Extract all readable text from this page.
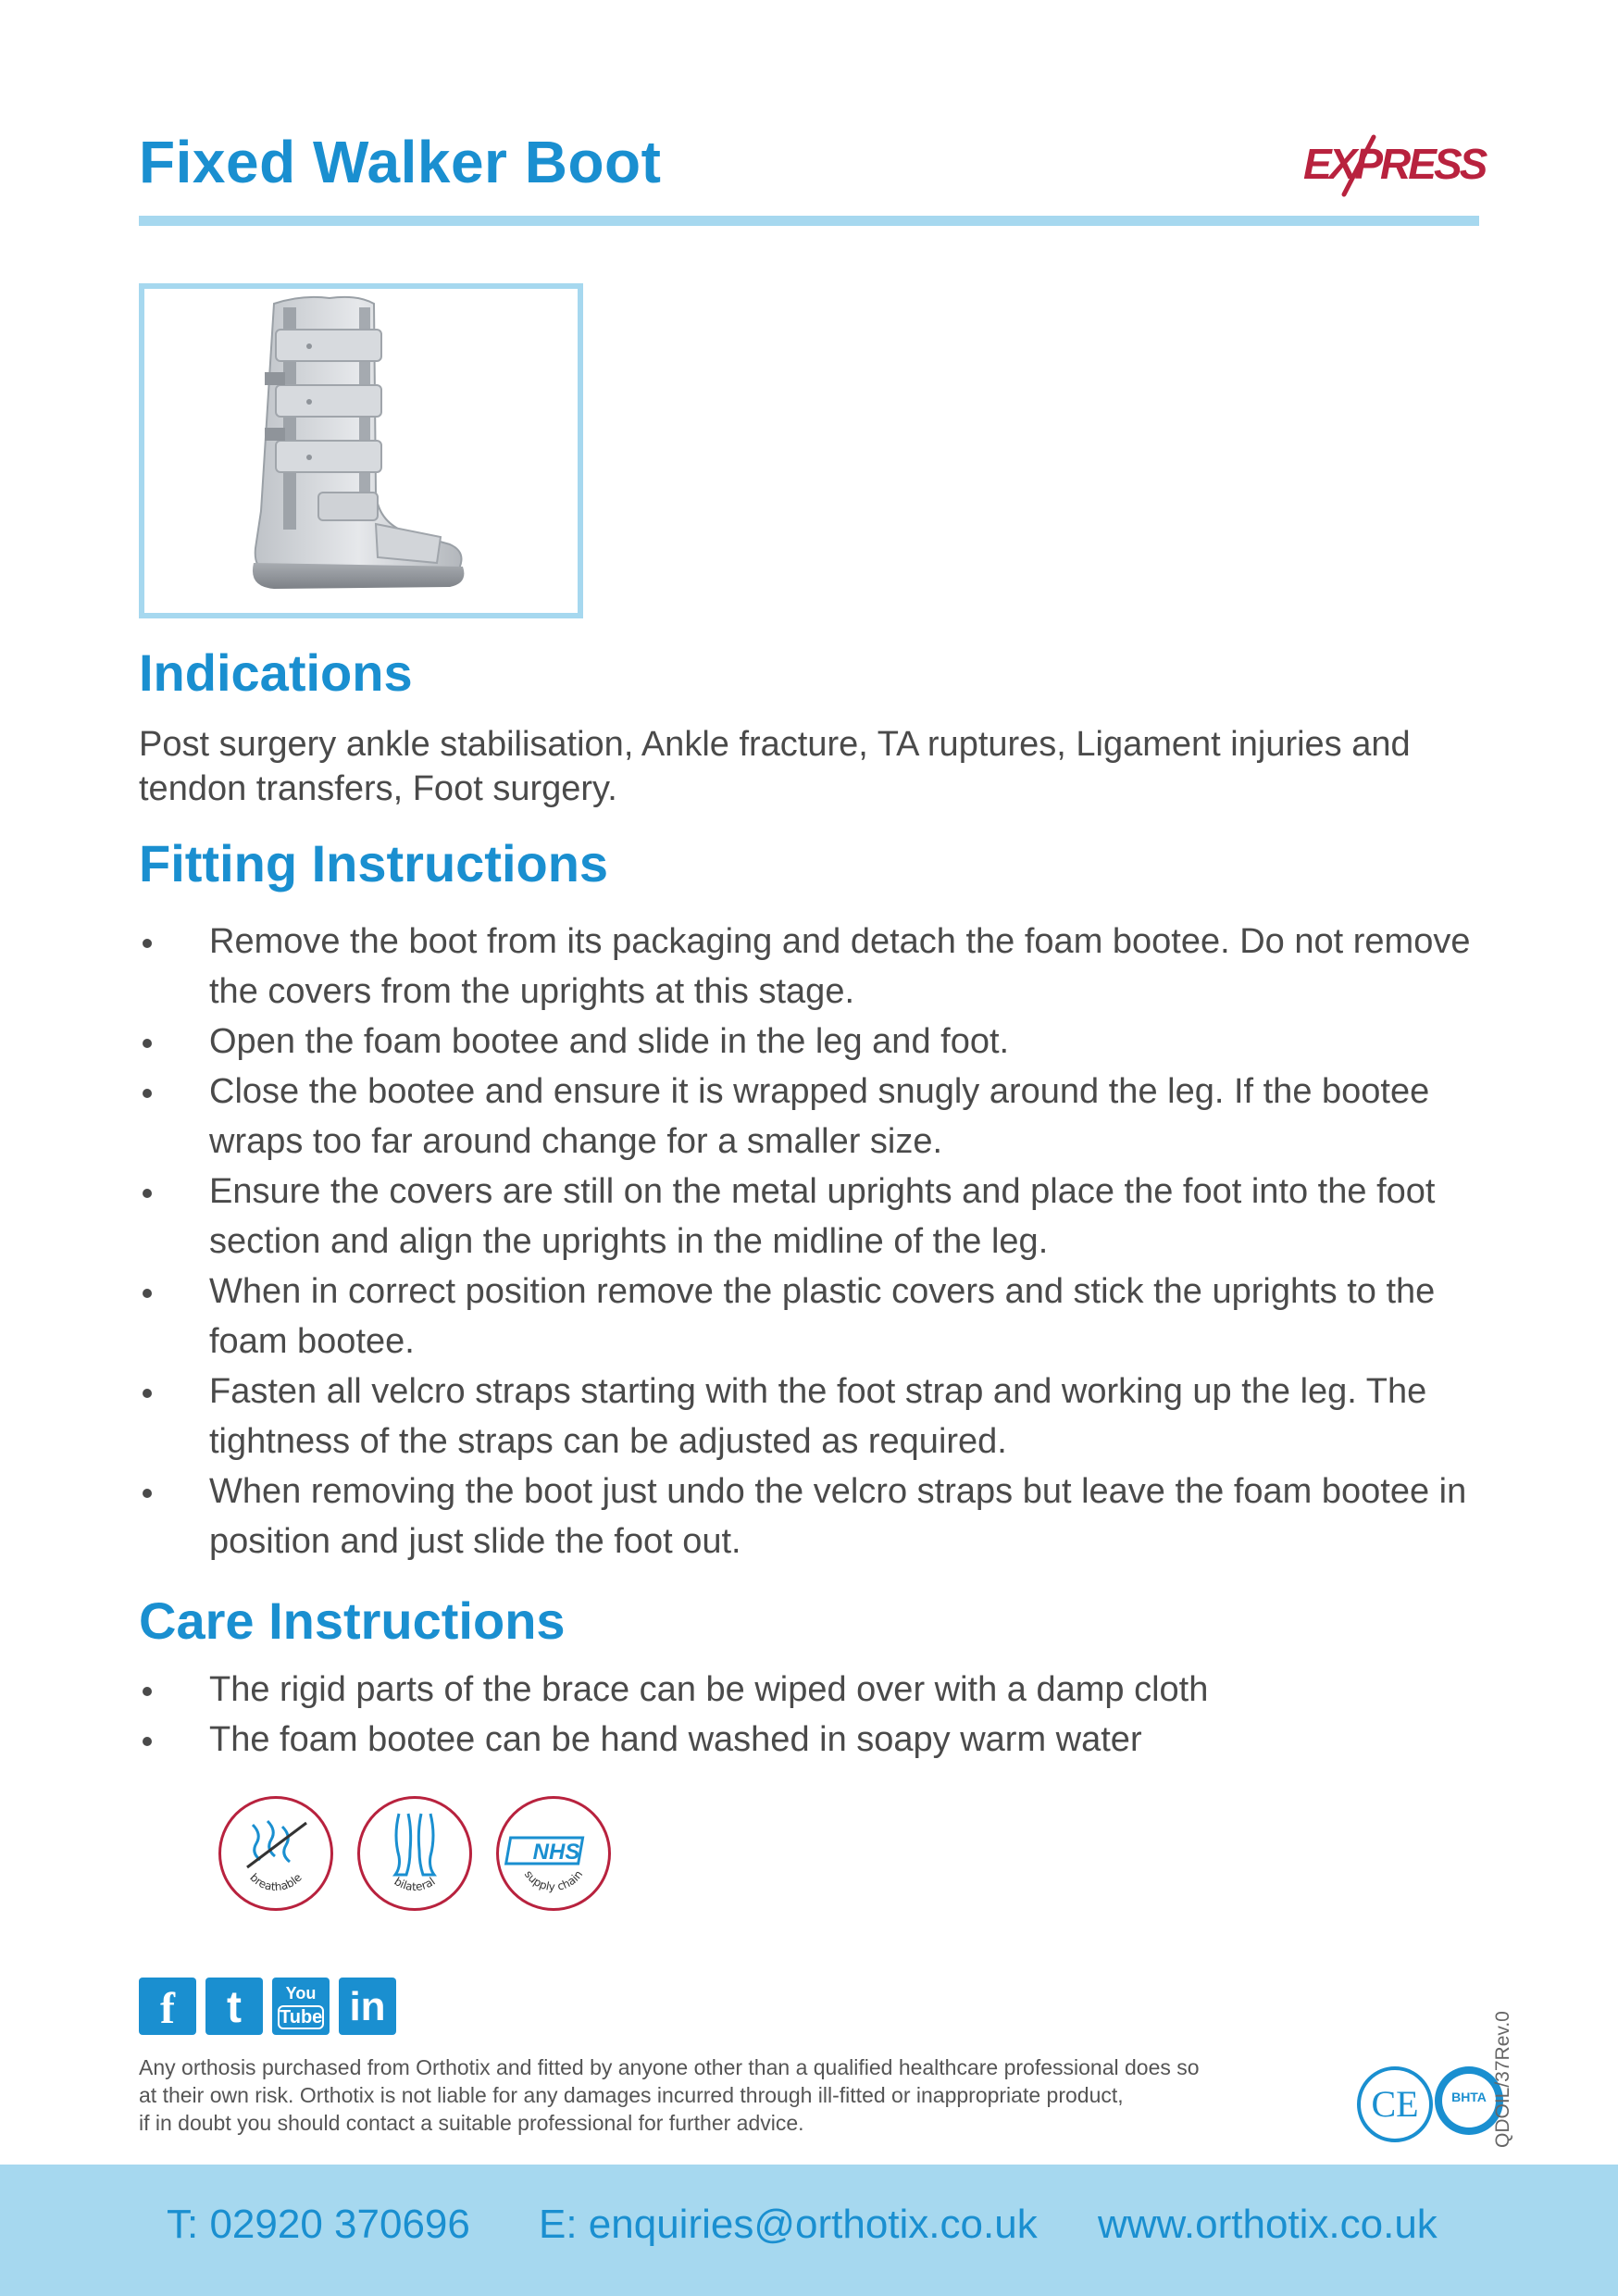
Fixed Walker Boot	EXPRESS
Indications

Post surgery ankle stabilisation, Ankle fracture, TA ruptures, Ligament injuries and tendon transfers, Foot surgery.

Fitting Instructions
Remove the boot from its packaging and detach the foam bootee. Do not remove the covers from the uprights at this stage.
Open the foam bootee and slide in the leg and foot.
Close the bootee and ensure it is wrapped snugly around the leg. If the bootee wraps too far around change for a smaller size.
Ensure the covers are still on the metal uprights and place the foot into the foot section and align the uprights in the midline of the leg.
When in correct position remove the plastic covers and stick the uprights to the foam bootee.
Fasten all velcro straps starting with the foot strap and working up the leg. The tightness of the straps can be adjusted as required.
When removing the boot just undo the velcro straps but leave the foam bootee in position and just slide the foot out.
Care Instructions
The rigid parts of the brace can be wiped over with a damp cloth
The foam bootee can be hand washed in soapy warm water
breathable	bilateral
NHS
supply chain
f	t	You
Tube in
Any orthosis purchased from Orthotix and fitted by anyone other than a qualified healthcare professional does so
at their own risk. Orthotix is not liable for any damages incurred through ill-fitted or inappropriate product,
if in doubt you should contact a suitable professional for further advice.	CE	BHTA QDOIL/37Rev.0
T: 02920 370696 E: enquiries@orthotix.co.uk www.orthotix.co.uk
